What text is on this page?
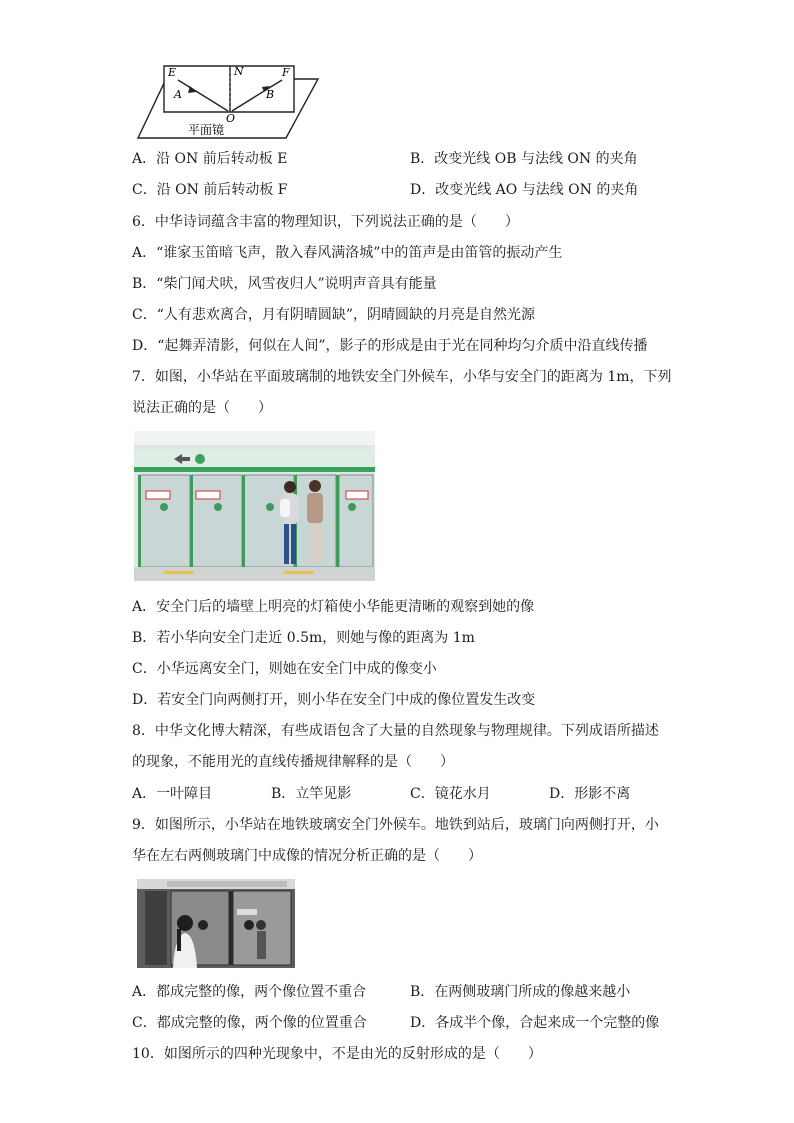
E	N	F
A	B
O
平面镜
A．沿 ON 前后转动板 E	B．改变光线 OB 与法线 ON 的夹角
C．沿 ON 前后转动板 F	D．改变光线 AO 与法线 ON 的夹角
6．中华诗词蕴含丰富的物理知识，下列说法正确的是（　　）
A．“谁家玉笛暗飞声，散入春风满洛城”中的笛声是由笛管的振动产生
B．“柴门闻犬吠，风雪夜归人”说明声音具有能量
C．“人有悲欢离合，月有阴晴圆缺”，阴晴圆缺的月亮是自然光源
D．“起舞弄清影，何似在人间”，影子的形成是由于光在同种均匀介质中沿直线传播
7．如图，小华站在平面玻璃制的地铁安全门外候车，小华与安全门的距离为 1m，下列
说法正确的是（　　）
A．安全门后的墙壁上明亮的灯箱使小华能更清晰的观察到她的像
B．若小华向安全门走近 0.5m，则她与像的距离为 1m
C．小华远离安全门，则她在安全门中成的像变小
D．若安全门向两侧打开，则小华在安全门中成的像位置发生改变
8．中华文化博大精深，有些成语包含了大量的自然现象与物理规律。下列成语所描述
的现象，不能用光的直线传播规律解释的是（　　）
A．一叶障目	B．立竿见影	C．镜花水月	D．形影不离
9．如图所示，小华站在地铁玻璃安全门外候车。地铁到站后，玻璃门向两侧打开，小
华在左右两侧玻璃门中成像的情况分析正确的是（　　）
A．都成完整的像，两个像位置不重合	B．在两侧玻璃门所成的像越来越小
C．都成完整的像，两个像的位置重合	D．各成半个像，合起来成一个完整的像
10．如图所示的四种光现象中，不是由光的反射形成的是（　　）
